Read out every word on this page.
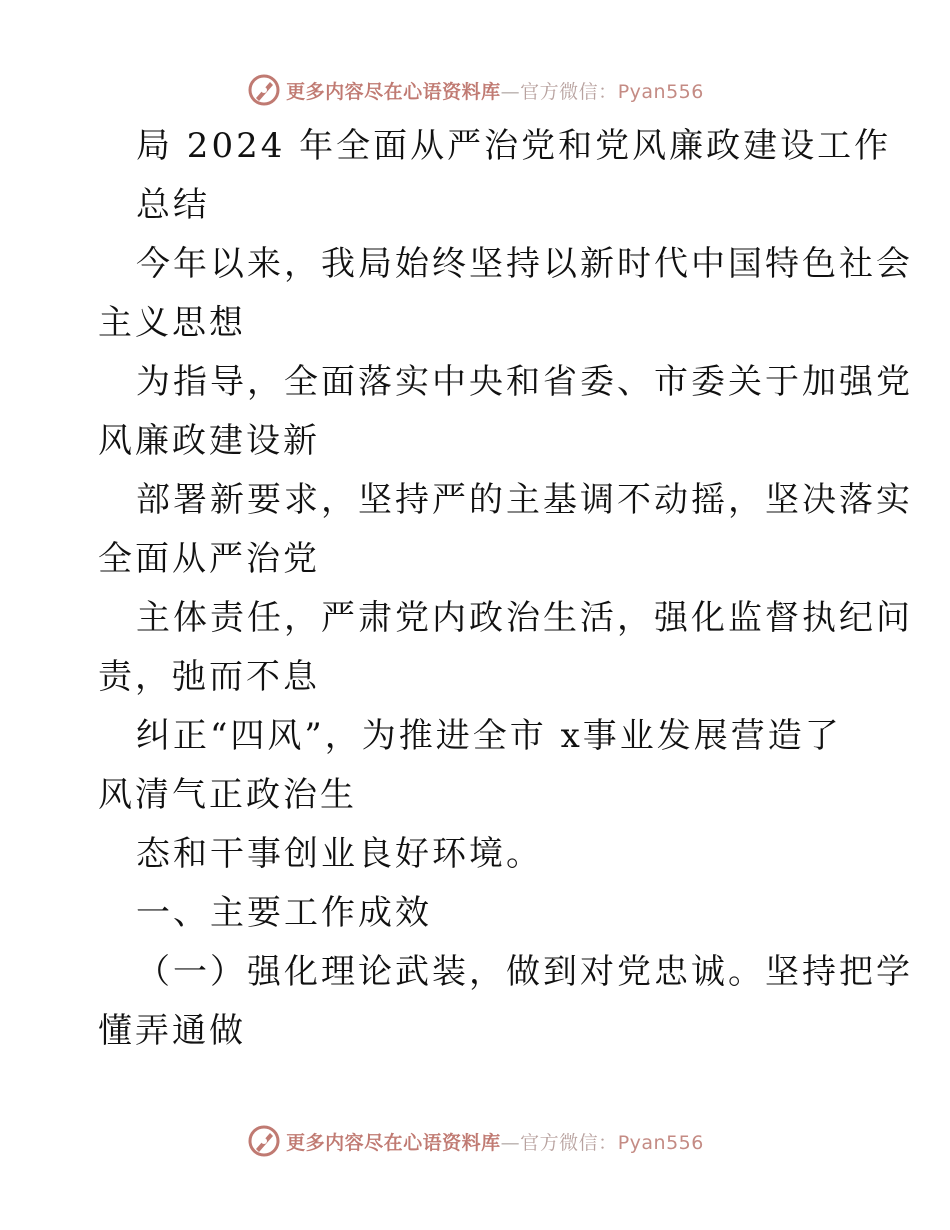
更多内容尽在心语资料库—官方微信：Pyan556
局 2024 年全面从严治党和党风廉政建设工作
总结
今年以来，我局始终坚持以新时代中国特色社会
主义思想
为指导，全面落实中央和省委、市委关于加强党
风廉政建设新
部署新要求，坚持严的主基调不动摇，坚决落实
全面从严治党
主体责任，严肃党内政治生活，强化监督执纪问
责，弛而不息
纠正“四风”，为推进全市 x事业发展营造了
风清气正政治生
态和干事创业良好环境。
一、主要工作成效
（一）强化理论武装，做到对党忠诚。坚持把学
懂弄通做
更多内容尽在心语资料库—官方微信：Pyan556
